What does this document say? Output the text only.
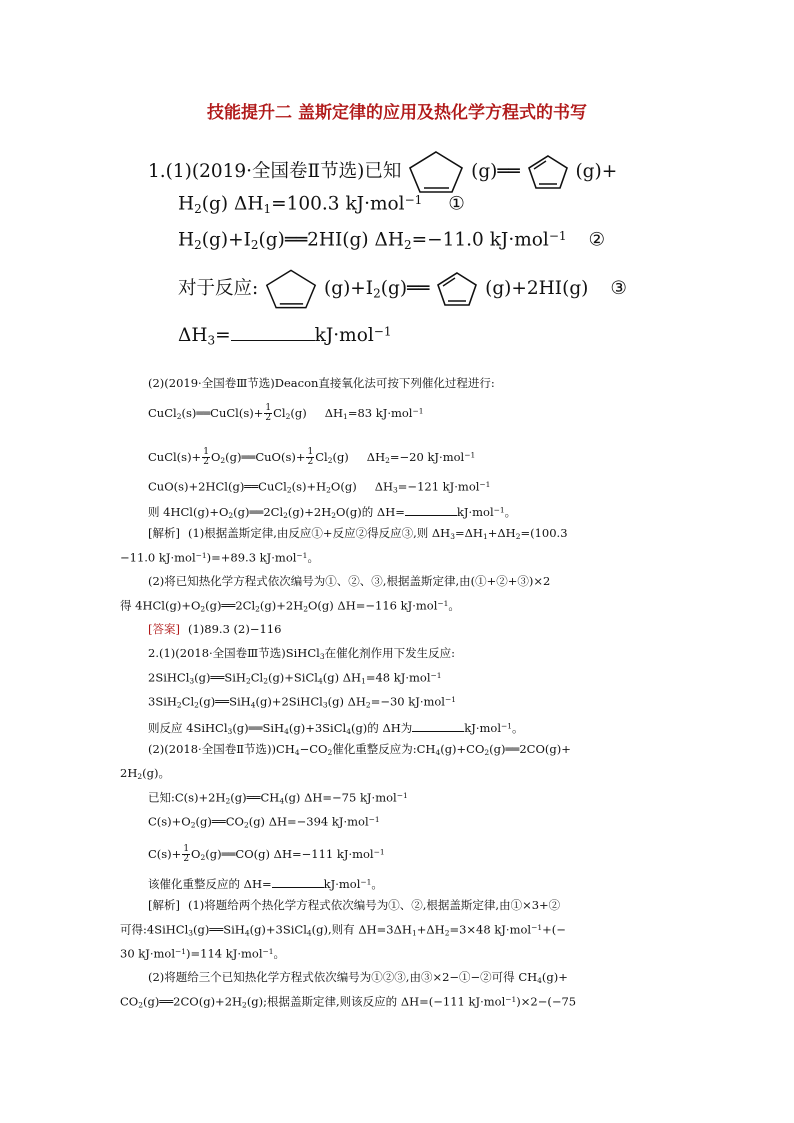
技能提升二 盖斯定律的应用及热化学方程式的书写
1.(1)(2019·全国卷Ⅱ节选)已知	(g)══	(g)+
$H_2(g)$ $\Delta H_1=100.3$ kJ·mol$^{-1}$ ①
$H_2(g)+I_2(g)══2HI(g)$ $\Delta H_2=-11.0$ kJ·mol$^{-1}$ ②
对于反应:	$(g)+I_2(g)══$	(g)+2HI(g) ③
$\Delta H_3=$	kJ·mol$^{-1}$
(2)(2019·全国卷Ⅲ节选)Deacon直接氧化法可按下列催化过程进行:
CuCl$_2$(s)══CuCl(s)+ $\frac{1}{2} Cl_2(g)$ $\Delta H_1=83$ kJ·mol$^{-1}$
CuCl(s)+ $\frac{1}{2}$ $O_2(g)══CuO(s)+ \frac{1}{2} Cl_2(g)$ $\Delta H_2=-20$ kJ·mol$^{-1}$
$CuO(s)+2HCl(g)══CuCl_2(s)+H_2O(g)$ $\Delta H_3=-121$ kJ·mol$^{-1}$
则 $4HCl(g)+O_2(g)══2Cl_2(g)+2H_2O(g)$的 ΔH=	kJ·mol$^{-1}$。
[解析] (1)根据盖斯定律,由反应①+反应②得反应③,则 $\Delta H_3=\Delta H_1+\Delta H_2=(100.3$
−11.0 kJ·mol$^{-1}$)=+89.3 kJ·mol$^{-1}$。
(2)将已知热化学方程式依次编号为①、②、③,根据盖斯定律,由(①+②+③)×2
得 $4HCl(g)+O_2(g)══2Cl_2(g)+2H_2O(g)$ ΔH=−116 kJ·mol$^{-1}$。
[答案] (1)89.3 (2)−116
2.(1)(2018·全国卷Ⅲ节选)SiHCl$_3$在催化剂作用下发生反应:
$2SiHCl_3(g)══SiH_2Cl_2(g)+SiCl_4(g)$ $\Delta H_1=48$ kJ·mol$^{-1}$
$3SiH_2Cl_2(g)══SiH_4(g)+2SiHCl_3(g)$ $\Delta H_2=-30$ kJ·mol$^{-1}$
则反应 4SiHCl$_3$(g)══SiH$_4$(g)+3SiCl$_4$(g)的 ΔH为	kJ·mol$^{-1}$。
(2)(2018·全国卷Ⅱ节选))$CH_4-CO_2$催化重整反应为$:CH_4(g)+CO_2(g)══2CO(g)+$
$2H_2(g)$。
已知$:C(s)+2H_2(g)══CH_4(g)$ ΔH=−75 kJ·mol$^{-1}$
$C(s)+O_2(g)══CO_2(g)$ ΔH=−394 kJ·mol$^{-1}$
$C(s)+ \frac{1}{2}$ $O_2(g)══CO(g)$ ΔH=−111 kJ·mol$^{-1}$
该催化重整反应的 ΔH=	kJ·mol$^{-1}$。
[解析] (1)将题给两个热化学方程式依次编号为①、②,根据盖斯定律,由①×3+②
可得:4SiHCl$_3$(g)══SiH$_4$(g)+3SiCl$_4$(g),则有 $\Delta H=3\Delta H_1+\Delta H_2=3\times 48$ kJ·mol$^{-1}$+(−
30 kJ·mol$^{-1}$)=114 kJ·mol$^{-1}$。
(2)将题给三个已知热化学方程式依次编号为①②③,由③×2−①−②可得 $CH_4(g)+$
$CO_2(g)══2CO(g)+2H_2(g)$;根据盖斯定律,则该反应的 ΔH=(−111 kJ·mol$^{-1}$)×2−(−75
